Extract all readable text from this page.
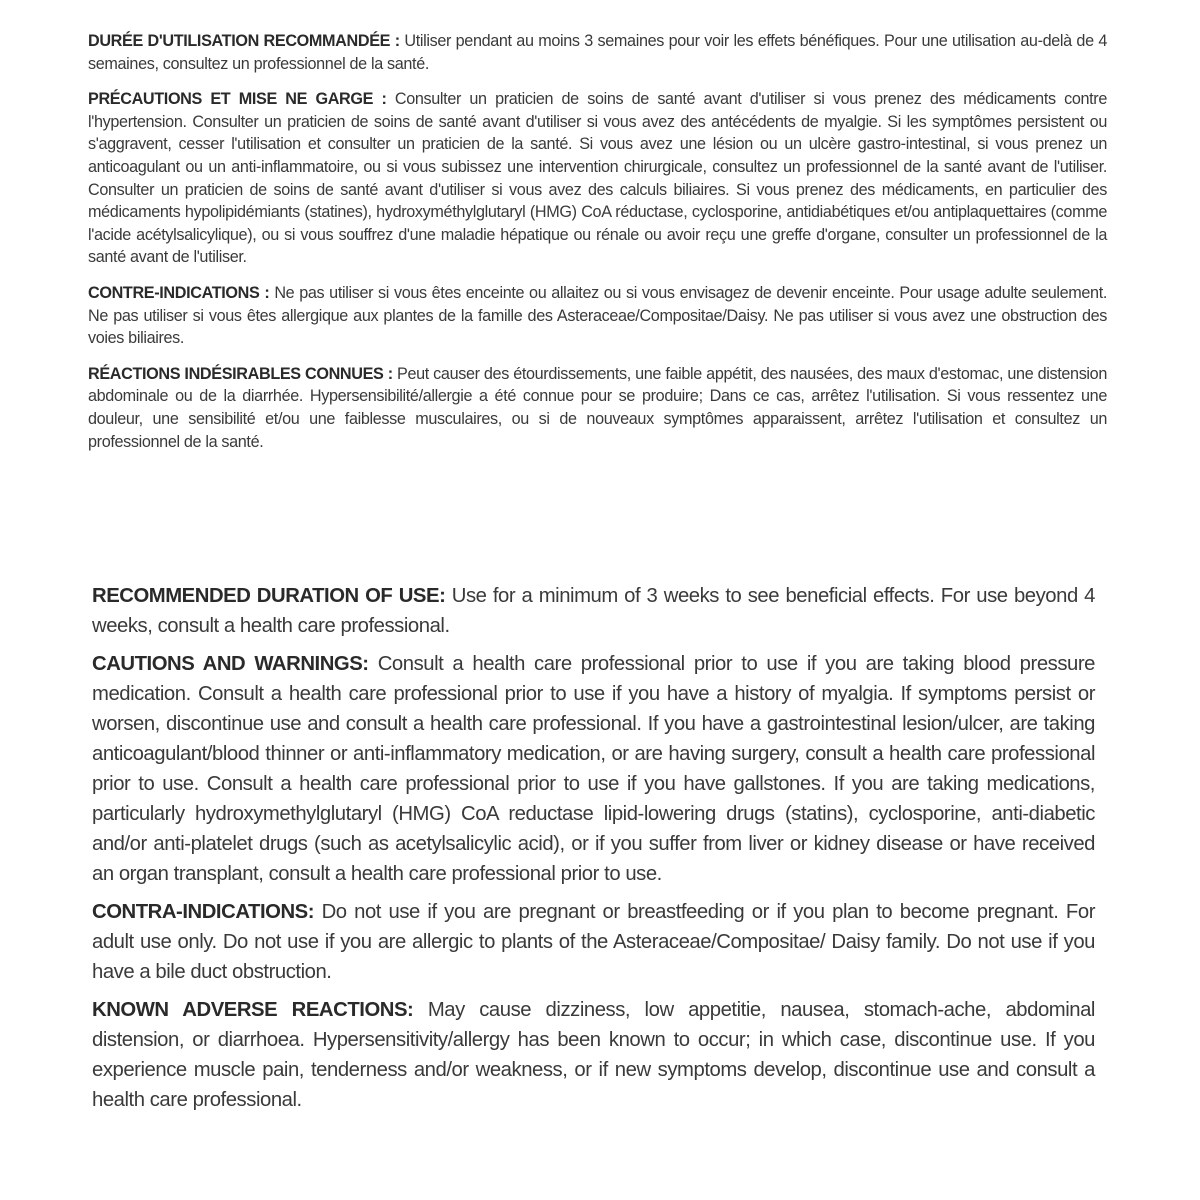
DURÉE D'UTILISATION RECOMMANDÉE : Utiliser pendant au moins 3 semaines pour voir les effets bénéfiques. Pour une utilisation au-delà de 4 semaines, consultez un professionnel de la santé.

PRÉCAUTIONS ET MISE NE GARGE : Consulter un praticien de soins de santé avant d'utiliser si vous prenez des médicaments contre l'hypertension. Consulter un praticien de soins de santé avant d'utiliser si vous avez des antécédents de myalgie. Si les symptômes persistent ou s'aggravent, cesser l'utilisation et consulter un praticien de la santé. Si vous avez une lésion ou un ulcère gastro-intestinal, si vous prenez un anticoagulant ou un anti-inflammatoire, ou si vous subissez une intervention chirurgicale, consultez un professionnel de la santé avant de l'utiliser. Consulter un praticien de soins de santé avant d'utiliser si vous avez des calculs biliaires. Si vous prenez des médicaments, en particulier des médicaments hypolipidémiants (statines), hydroxyméthylglutaryl (HMG) CoA réductase, cyclosporine, antidiabétiques et/ou antiplaquettaires (comme l'acide acétylsalicylique), ou si vous souffrez d'une maladie hépatique ou rénale ou avoir reçu une greffe d'organe, consulter un professionnel de la santé avant de l'utiliser.

CONTRE-INDICATIONS : Ne pas utiliser si vous êtes enceinte ou allaitez ou si vous envisagez de devenir enceinte. Pour usage adulte seulement. Ne pas utiliser si vous êtes allergique aux plantes de la famille des Asteraceae/Compositae/Daisy. Ne pas utiliser si vous avez une obstruction des voies biliaires.

RÉACTIONS INDÉSIRABLES CONNUES : Peut causer des étourdissements, une faible appétit, des nausées, des maux d'estomac, une distension abdominale ou de la diarrhée. Hypersensibilité/allergie a été connue pour se produire; Dans ce cas, arrêtez l'utilisation. Si vous ressentez une douleur, une sensibilité et/ou une faiblesse musculaires, ou si de nouveaux symptômes apparaissent, arrêtez l'utilisation et consultez un professionnel de la santé.

RECOMMENDED DURATION OF USE: Use for a minimum of 3 weeks to see beneficial effects. For use beyond 4 weeks, consult a health care professional.

CAUTIONS AND WARNINGS: Consult a health care professional prior to use if you are taking blood pressure medication. Consult a health care professional prior to use if you have a history of myalgia. If symptoms persist or worsen, discontinue use and consult a health care professional. If you have a gastrointestinal lesion/ulcer, are taking anticoagulant/blood thinner or anti-inflammatory medication, or are having surgery, consult a health care professional prior to use. Consult a health care professional prior to use if you have gallstones. If you are taking medications, particularly hydroxymethylglutaryl (HMG) CoA reductase lipid-lowering drugs (statins), cyclosporine, anti-diabetic and/or anti-platelet drugs (such as acetylsalicylic acid), or if you suffer from liver or kidney disease or have received an organ transplant, consult a health care professional prior to use.

CONTRA-INDICATIONS: Do not use if you are pregnant or breastfeeding or if you plan to become pregnant. For adult use only. Do not use if you are allergic to plants of the Asteraceae/Compositae/ Daisy family. Do not use if you have a bile duct obstruction.

KNOWN ADVERSE REACTIONS: May cause dizziness, low appetitie, nausea, stomach-ache, abdominal distension, or diarrhoea. Hypersensitivity/allergy has been known to occur; in which case, discontinue use. If you experience muscle pain, tenderness and/or weakness, or if new symptoms develop, discontinue use and consult a health care professional.
